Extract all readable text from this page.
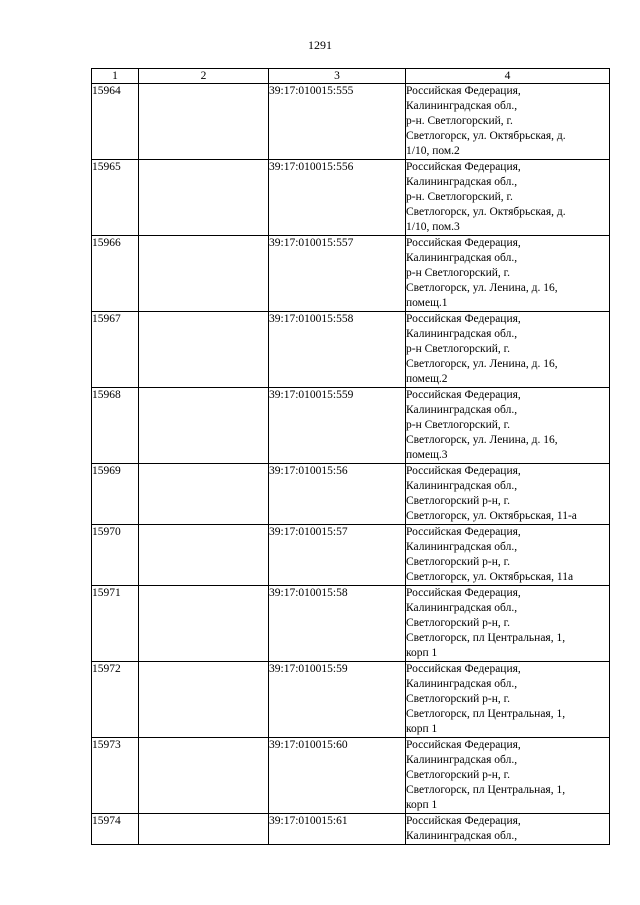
1291
1	2	3	4
15964		39:17:010015:555	Российская Федерация,
Калининградская обл.,
р-н. Светлогорский, г.
Светлогорск, ул. Октябрьская, д.
1/10, пом.2

15965		39:17:010015:556	Российская Федерация,
Калининградская обл.,
р-н. Светлогорский, г.
Светлогорск, ул. Октябрьская, д.
1/10, пом.3

15966		39:17:010015:557	Российская Федерация,
Калининградская обл.,
р-н Светлогорский, г.
Светлогорск, ул. Ленина, д. 16,
помещ.1

15967		39:17:010015:558	Российская Федерация,
Калининградская обл.,
р-н Светлогорский, г.
Светлогорск, ул. Ленина, д. 16,
помещ.2

15968		39:17:010015:559	Российская Федерация,
Калининградская обл.,
р-н Светлогорский, г.
Светлогорск, ул. Ленина, д. 16,
помещ.3

15969		39:17:010015:56	Российская Федерация,
Калининградская обл.,
Светлогорский р-н, г.
Светлогорск, ул. Октябрьская, 11-а

15970		39:17:010015:57	Российская Федерация,
Калининградская обл.,
Светлогорский р-н, г.
Светлогорск, ул. Октябрьская, 11а

15971		39:17:010015:58	Российская Федерация,
Калининградская обл.,
Светлогорский р-н, г.
Светлогорск, пл Центральная, 1,
корп 1

15972		39:17:010015:59	Российская Федерация,
Калининградская обл.,
Светлогорский р-н, г.
Светлогорск, пл Центральная, 1,
корп 1

15973		39:17:010015:60	Российская Федерация,
Калининградская обл.,
Светлогорский р-н, г.
Светлогорск, пл Центральная, 1,
корп 1

15974		39:17:010015:61	Российская Федерация,
Калининградская обл.,
